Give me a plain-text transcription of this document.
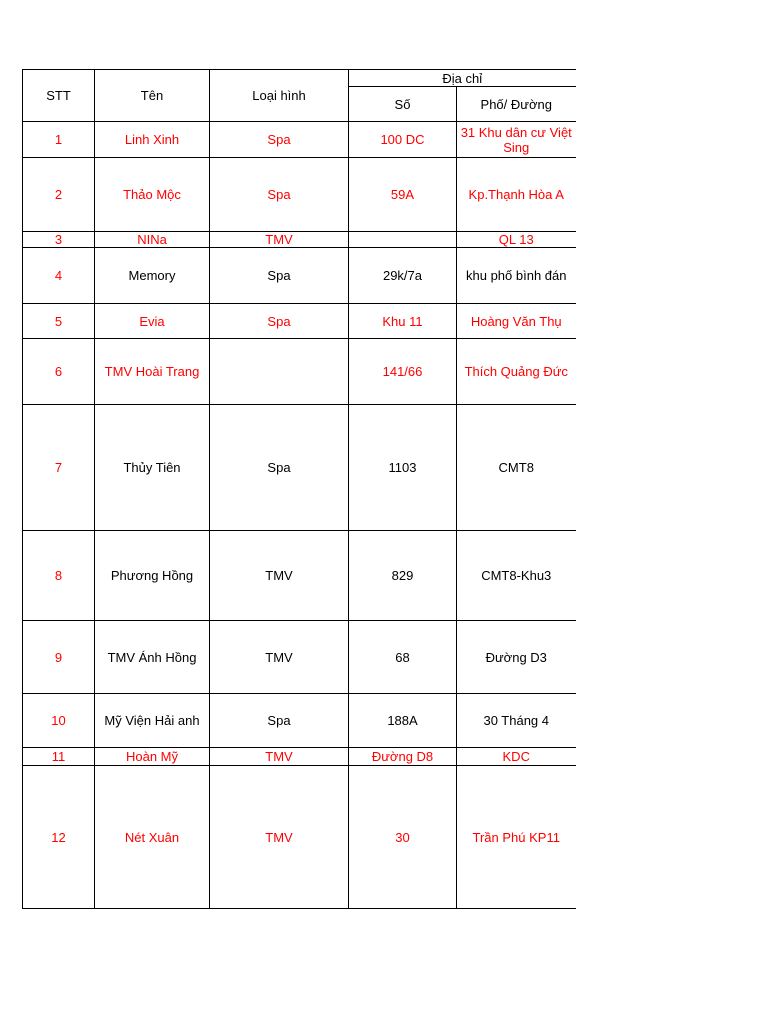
STT	Tên	Loại hình	Địa chỉ	
			Số	Phố/ Đường
1	Linh Xinh	Spa	100 DC	31 Khu dân cư Việt Sing
2	Thảo Mộc	Spa	59A	Kp.Thạnh Hòa A
3	NINa	TMV		QL 13
4	Memory	Spa	29k/7a	khu phố bình đán
5	Evia	Spa	Khu 11	Hoàng Văn Thụ
6	TMV Hoài Trang		141/66	Thích Quảng Đức
7	Thủy Tiên	Spa	1103	CMT8
8	Phương Hồng	TMV	829	CMT8-Khu3
9	TMV Ánh Hồng	TMV	68	Đường D3
10	Mỹ Viện Hải anh	Spa	188A	30 Tháng 4
11	Hoàn Mỹ	TMV	Đường D8	KDC
12	Nét Xuân	TMV	30	Trần Phú KP11
